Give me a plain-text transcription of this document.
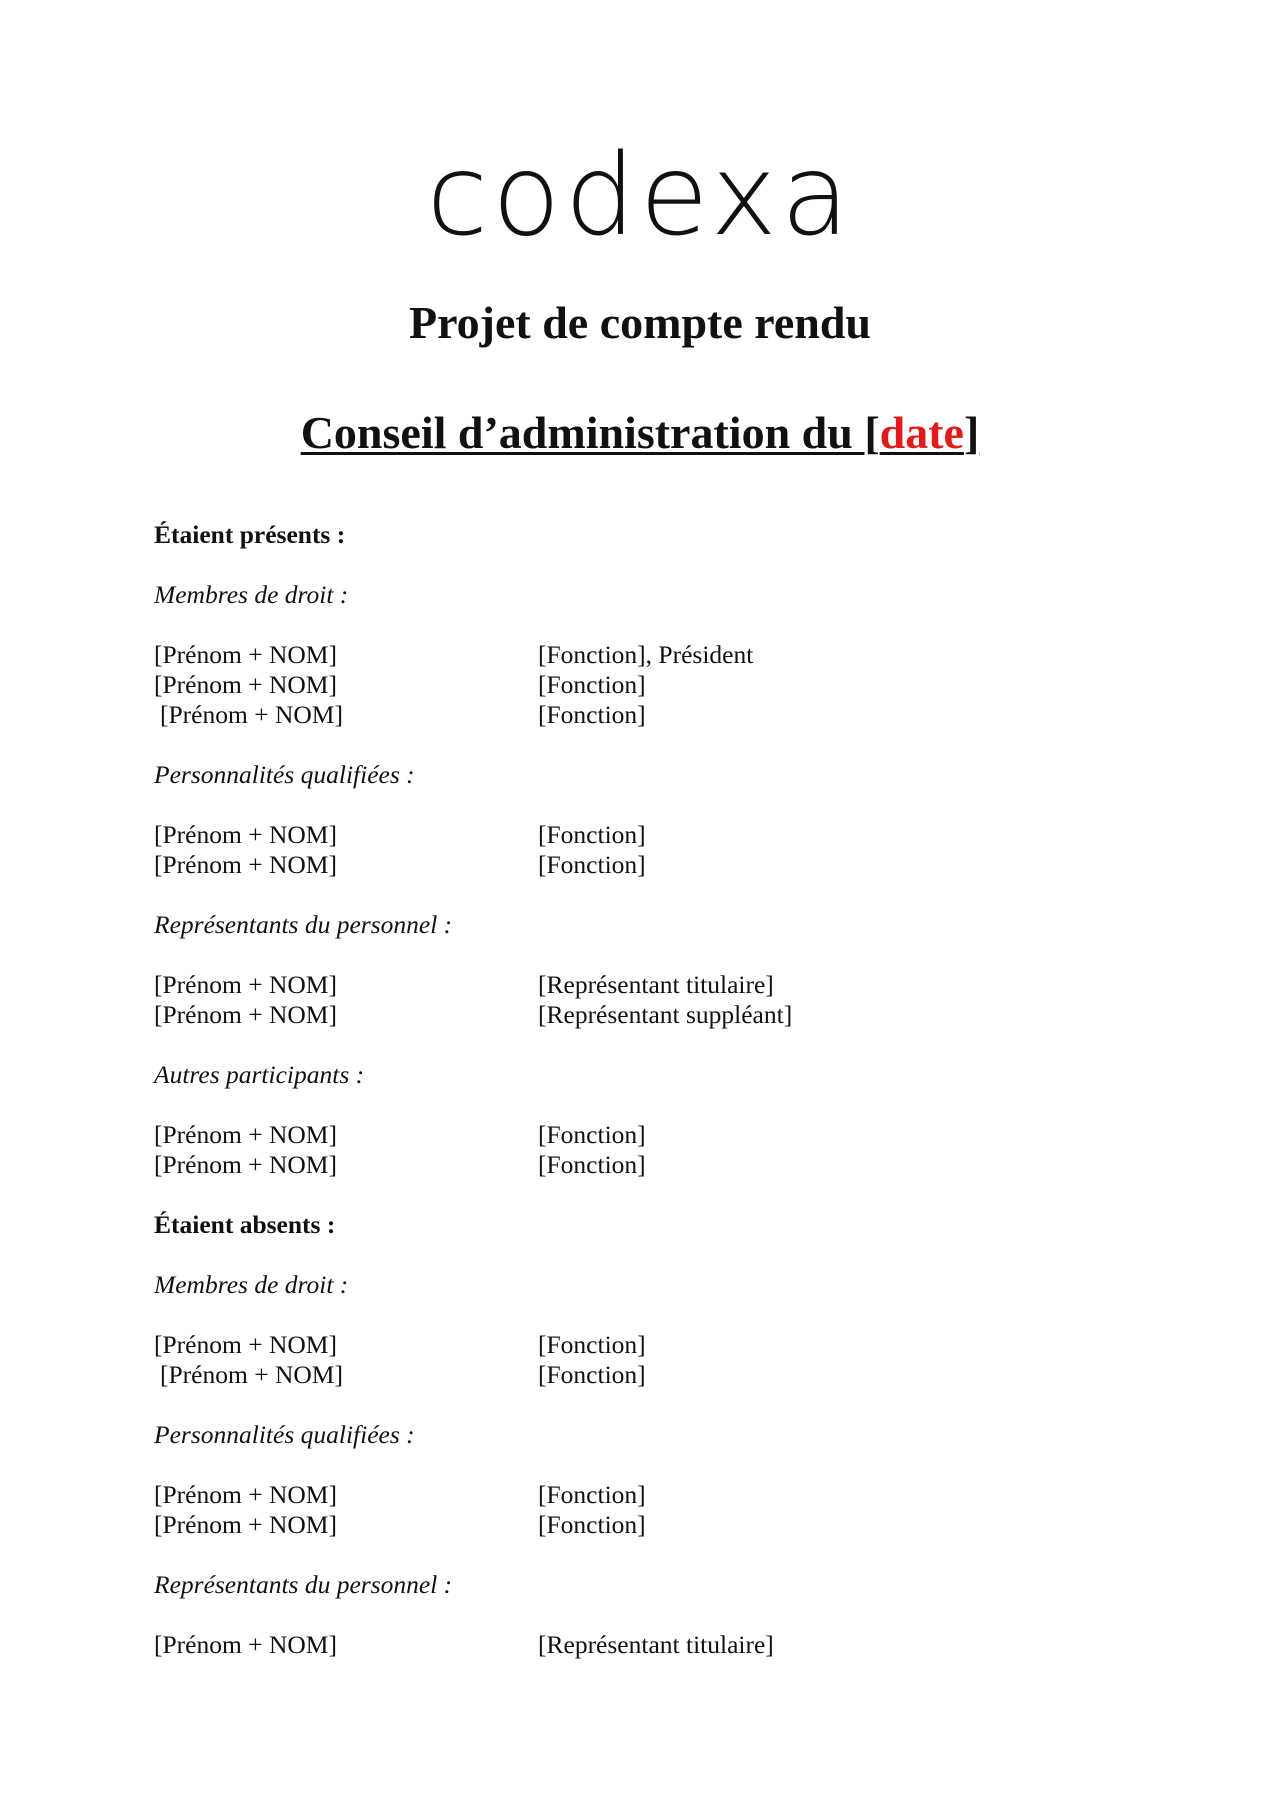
codexa
Projet de compte rendu
Conseil d’administration du [date]
Étaient présents :
Membres de droit :
[Prénom + NOM]	[Fonction], Président
[Prénom + NOM]	[Fonction]
[Prénom + NOM]	[Fonction]
Personnalités qualifiées :
[Prénom + NOM]	[Fonction]
[Prénom + NOM]	[Fonction]
Représentants du personnel :
[Prénom + NOM]	[Représentant titulaire]
[Prénom + NOM]	[Représentant suppléant]
Autres participants :
[Prénom + NOM]	[Fonction]
[Prénom + NOM]	[Fonction]
Étaient absents :
Membres de droit :
[Prénom + NOM]	[Fonction]
[Prénom + NOM]	[Fonction]
Personnalités qualifiées :
[Prénom + NOM]	[Fonction]
[Prénom + NOM]	[Fonction]
Représentants du personnel :
[Prénom + NOM]	[Représentant titulaire]
